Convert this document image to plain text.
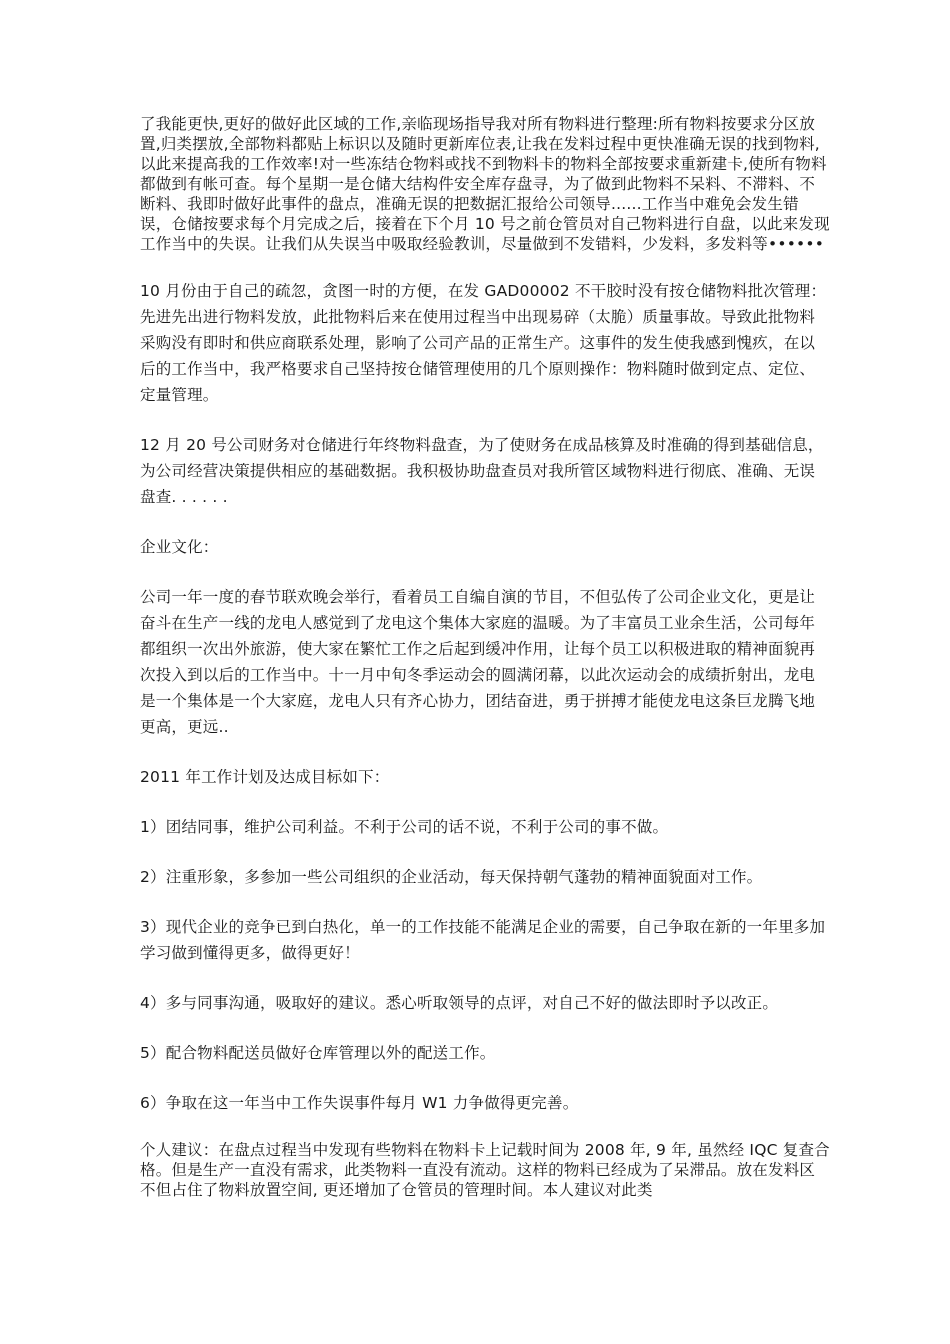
了我能更快,更好的做好此区域的工作,亲临现场指导我对所有物料进行整理:所有物料按要求分区放置,归类摆放,全部物料都贴上标识以及随时更新库位表,让我在发料过程中更快准确无误的找到物料,以此来提高我的工作效率!对一些冻结仓物料或找不到物料卡的物料全部按要求重新建卡,使所有物料都做到有帐可查。每个星期一是仓储大结构件安全库存盘寻，为了做到此物料不呆料、不滞料、不断料、我即时做好此事件的盘点，准确无误的把数据汇报给公司领导......工作当中难免会发生错误，仓储按要求每个月完成之后，接着在下个月 10 号之前仓管员对自己物料进行自盘，以此来发现工作当中的失误。让我们从失误当中吸取经验教训，尽量做到不发错料，少发料，多发料等••••••

10 月份由于自己的疏忽，贪图一时的方便，在发 GAD00002 不干胶时没有按仓储物料批次管理：先进先出进行物料发放，此批物料后来在使用过程当中出现易碎（太脆）质量事故。导致此批物料采购没有即时和供应商联系处理，影响了公司产品的正常生产。这事件的发生使我感到愧疚，在以后的工作当中，我严格要求自己坚持按仓储管理使用的几个原则操作：物料随时做到定点、定位、定量管理。

12 月 20 号公司财务对仓储进行年终物料盘查，为了使财务在成品核算及时准确的得到基础信息，为公司经营决策提供相应的基础数据。我积极协助盘查员对我所管区域物料进行彻底、准确、无误盘查. . . . . .

企业文化：

公司一年一度的春节联欢晚会举行，看着员工自编自演的节目，不但弘传了公司企业文化，更是让奋斗在生产一线的龙电人感觉到了龙电这个集体大家庭的温暖。为了丰富员工业余生活，公司每年都组织一次出外旅游，使大家在繁忙工作之后起到缓冲作用，让每个员工以积极进取的精神面貌再次投入到以后的工作当中。十一月中旬冬季运动会的圆满闭幕，以此次运动会的成绩折射出，龙电是一个集体是一个大家庭，龙电人只有齐心协力，团结奋进，勇于拼搏才能使龙电这条巨龙腾飞地更高，更远..

2011 年工作计划及达成目标如下：

1）团结同事，维护公司利益。不利于公司的话不说，不利于公司的事不做。

2）注重形象，多参加一些公司组织的企业活动，每天保持朝气蓬勃的精神面貌面对工作。

3）现代企业的竞争已到白热化，单一的工作技能不能满足企业的需要，自己争取在新的一年里多加学习做到懂得更多，做得更好！

4）多与同事沟通，吸取好的建议。悉心听取领导的点评，对自己不好的做法即时予以改正。

5）配合物料配送员做好仓库管理以外的配送工作。

6）争取在这一年当中工作失误事件每月 W1 力争做得更完善。

个人建议：在盘点过程当中发现有些物料在物料卡上记载时间为 2008 年, 9 年, 虽然经 IQC 复查合格。但是生产一直没有需求，此类物料一直没有流动。这样的物料已经成为了呆滞品。放在发料区不但占住了物料放置空间, 更还增加了仓管员的管理时间。本人建议对此类
